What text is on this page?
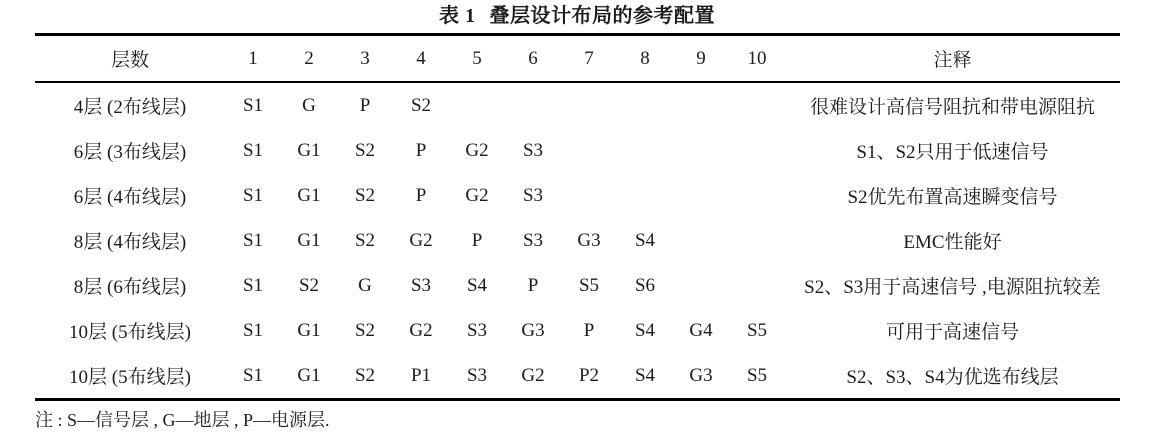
表 1 叠层设计布局的参考配置
层数	1	2	3	4	5	6	7	8	9	10	注释
4层 (2布线层)	S1	G	P	S2							很难设计高信号阻抗和带电源阻抗
6层 (3布线层)	S1	G1	S2	P	G2	S3					S1、S2只用于低速信号
6层 (4布线层)	S1	G1	S2	P	G2	S3					S2优先布置高速瞬变信号
8层 (4布线层)	S1	G1	S2	G2	P	S3	G3	S4			EMC性能好
8层 (6布线层)	S1	S2	G	S3	S4	P	S5	S6			S2、S3用于高速信号 ,电源阻抗较差
10层 (5布线层)	S1	G1	S2	G2	S3	G3	P	S4	G4	S5	可用于高速信号
10层 (5布线层)	S1	G1	S2	P1	S3	G2	P2	S4	G3	S5	S2、S3、S4为优选布线层
注 : S—信号层 , G—地层 , P—电源层.
